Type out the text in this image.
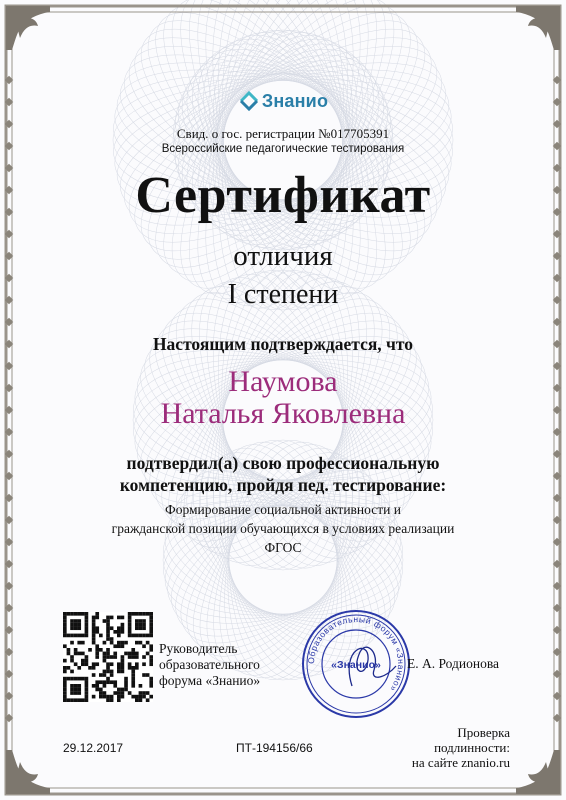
Знанио
Свид. о гос. регистрации №017705391
Всероссийские педагогические тестирования
Сертификат
отличия
I степени
Настоящим подтверждается, что
Наумова
Наталья Яковлевна
подтвердил(а) свою профессиональную
компетенцию, пройдя пед. тестирование:
Формирование социальной активности и
гражданской позиции обучающихся в условиях реализации
ФГОС
Руководитель
образовательного
форума «Знанио»
Образовательный форум «Знанио»
«Знанио» Е. А. Родионова
29.12.2017	ПТ-194156/66
Проверка
подлинности:
на сайте znanio.ru
